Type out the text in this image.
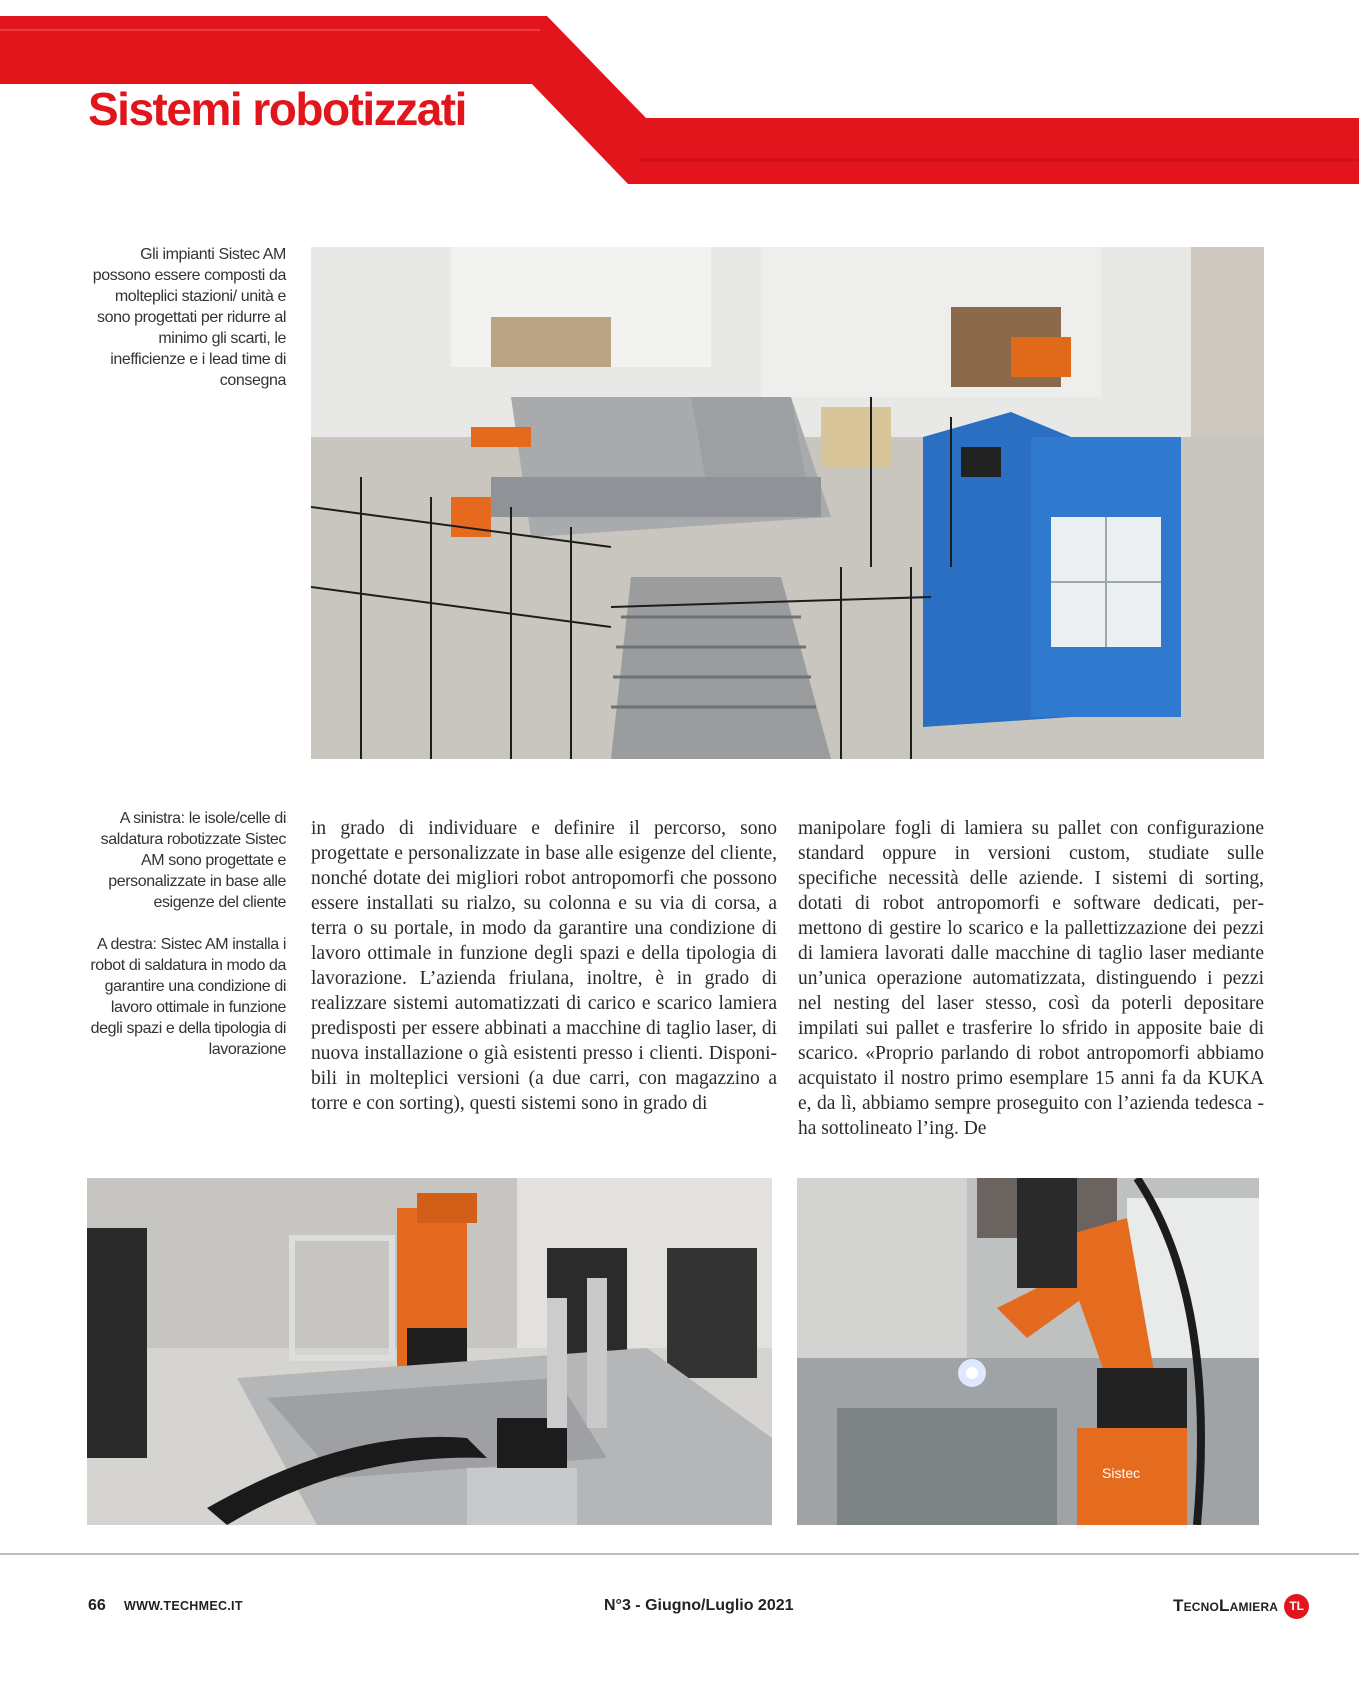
Sistemi robotizzati

Gli impianti Sistec AM possono essere composti da molteplici stazioni/ unità e sono progettati per ridurre al minimo gli scarti, le inefficienze e i lead time di consegna

A sinistra: le isole/celle di saldatura robotizzate Sistec AM sono progettate e personalizzate in base alle esigenze del cliente

A destra: Sistec AM installa i robot di saldatura in modo da garantire una condizione di lavoro ottimale in funzione degli spazi e della tipologia di lavorazione

in grado di individuare e definire il percorso, sono progettate e personalizzate in base alle esigenze del cliente, nonché dotate dei migliori robot antropomorfi che possono essere installati su rialzo, su colonna e su via di corsa, a terra o su portale, in modo da garantire una condizione di lavoro ottimale in funzione degli spazi e della tipologia di lavorazione. L’azienda friulana, inoltre, è in grado di realizzare sistemi automatizzati di carico e scarico lamiera predisposti per essere abbinati a macchine di taglio laser, di nuova installazione o già esistenti presso i clienti. Disponibili in molteplici versioni (a due carri, con magazzino a torre e con sorting), questi sistemi sono in grado di

manipolare fogli di lamiera su pallet con configurazione standard oppure in versioni custom, studiate sulle specifiche necessità delle aziende. I sistemi di sorting, dotati di robot antropomorfi e software dedicati, permettono di gestire lo scarico e la pallettizzazione dei pezzi di lamiera lavorati dalle macchine di taglio laser mediante un’unica operazione automatizzata, distinguendo i pezzi nel nesting del laser stesso, così da poterli depositare impilati sui pallet e trasferire lo sfrido in apposite baie di scarico. «Proprio parlando di robot antropomorfi abbiamo acquistato il nostro primo esemplare 15 anni fa da KUKA e, da lì, abbiamo sempre proseguito con l’azienda tedesca - ha sottolineato l’ing. De

Sistec
66 WWW.TECHMEC.IT	N°3 - Giugno/Luglio 2021	TecnoLamiera TL
